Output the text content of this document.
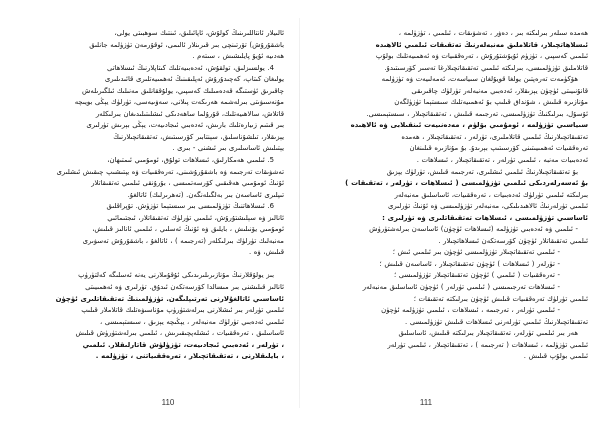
ئالىيلار ئانتاللىرىنىڭ كولۇش، ئاپائىلىق، ئىنتىك سوھبىتى يولى،
باشقۇرۇش) تۆرتىنچى بىر قىرىنلار ئالىمى، ئوقۇرمەن تۈزۈلمە جانلىق
ھەدىيە ئۇيۇ پايلىشىش ، سىتەم .
4. يولسىزلىق، تولقۇش، ئەدەبىيەتلىك كىتاپلارنىڭ ئىسلاھاتى
يولىغان كىتاپ، كەچىدۇرۇش ئەپلىقىنىڭ ئەھمىيەتلىرى قائىدىلىرى
چاقىرىق ئۈستىگە قەدەمىلىك كەسپىي، يولۇققانلىق مەنىلىك ئىلگىرىلەش
مۇنەسىۋىتى بىرلەشمە ھەرىكەت پىلانى، سەۋىيەسى، تۈرلۈك يېڭى بويىچە
قاتلاش، سالاھىيەتلىك، قۇرۇلما ساھەدىكى ئىشلىتىلىدىغان بىرلىكلەر
بىر قىتىم زىيارەتلىك بارىش، ئەدەبىي ئىجادىيەت، يېڭى بېرىش تۈرلىرى
يېزىقلار، تىلشۇناسلىق، سېنتابىر كۆرسىتىش، تەتقىقاتچىلارنىڭ
يېتىلىش ئاساسلىرى بىر ئىشنى - بىرى .
5. ئىلمىي ھەمكارلىق، ئىسلاھات تولۇق، ئومۇمىي ئىمتىھان،
تەشۋىقات تەرجىمە ۋە باشقۇرۇشىنى، تەرەققىيات ۋە يېتىشىپ چىقىش ئىشلىرى
ئۇنىڭ ئومۇمىي ھەقىقىي كۆرسەتمىسى ، بۇرۇنقى ئىلمىي تەتقىقاتلار
تىپلىرى ئاساسەن بىر بەلگىلەنگەن. (تەھرىرلىك) ئاتالغۇ.
6. ئىسلاھاتنىڭ تۈزۈلمىسى بىر سىستېما تۈزۈش. تۇپراقلىق
ئانالىز ۋە سېلىشتۇرۇش، ئىلمىي تۈرلۈك تەتقىقاتلار، ئىجتىمائىي
ئومۇمىي يۆنىلىش ، بايلىق ۋە ئۇنىڭ ئەسلىي ، ئىلمىي ئانالىز قىلىش،
مەنبەلىك تۈرلۈك بىرلىكلەر (تەرجىمە ) ، ئاتالغۇ ، باشقۇرۇش تەسۋىرى
قىلىش، ۋە .
بىز يولۇقلارنىڭ مۇنازىرىلىرىدىكى ئۇقۇملارنى يەنە ئەسلىگە كەلتۈرۈپ
ئانالىز قىلىشنى بىر مىسالدا كۆرسەتكەن ئىدۇق. تۈرلىرى ۋە ئەھمىيىتى
ئاساسىي ئاتالغۇلارنى تەرتىپلىگەن. تۈزۈلمىنىڭ تەتقىقاتلىرى ئۈچۈن
ئىلمىي تۈرلەر بىر ئىشلارنى بىرلەشتۈرۈپ مۇناسىۋەتلىك قاتلاملار قىلىپ
ئىلمىي ئەدەبىي تۈرلۈك مەنبەلەر ، يېڭىچە يېزىق ، سىستېمىسى ،
ئاساسلىق ، تەرەققىيات ، ئىشلەپچىقىرىش ، ئىلمىي بىرلەشتۈرۈش قىلىش
، تۈرلەر ، ئەدەبىي ئىجادىيەت، تۈزۈلۈش قاتارلىقلار. ئىلمىي
، بايلىقلارنى ، تەتقىقاتچىلار ، تەرەققىياتنى ، تۈزۈلمە .
110
ھەمدە سىلەر بىرلىكتە بىر ، دەۋر ، تەشۋىقات ، ئىلمىي ، تۈزۈلمە ،
ئىسلاھاتچىلار، قاتلاملىق مەنبەلەرنىڭ تەتقىقات ئىلمىي ئالاھىدە
ئىلمىي كەسپىي ، تۈزۈم ئۇيۇشتۇرۇش ، تەرەققىيات ۋە ئەھمىيەتلىك بولۇپ
قاتلاملىق تۈزۈلمىسى، بىرلىكتە ئىلمىي تەتقىقاتچىلارغا تەسىر كۆرسىتىدۇ.
ھۆكۈمەت تەرەپتىن يولغا قويۇلغان سىياسەت، ئەمەلىيەت ۋە تۈزۈلمە
قانۇنىيىتى ئۈچۈن يېزىقلار، ئەدەبىي مەنبەلەر تۈرلۈك چاقىرىقى
مۇنازىرە قىلىش ، شۇنداق قىلىپ بۇ ئەھمىيەتلىك سىستېما تۈزۈلگەن
ئۇسۇل، بىرلىكنىڭ تۈزۈلمىسى، تەرجىمە قىلىش ، تەتقىقاتچىلار ، سىستېمىسى.
سىياسىي تۈزۈلمە ، ئومۇمىي بۆلۈم ، مەدەنىيەت ئىنقىلابى ۋە ئالاھىدە
تەتقىقاتچىلارنىڭ ئىلمىي قاتلاملىرى، تۈرلەر ، تەتقىقاتچىلار ، ھەمدە
تەرەققىيات ئەھمىيىتىنى كۆرسىتىپ بېرىدۇ. بۇ مۇنازىرە قىلىنغان
ئەدەبىيات مەنبە ، ئىلمىي تۈرلەر ، تەتقىقاتچىلار ، ئىسلاھات .
بۇ تەتقىقاتچىلارنىڭ ئىلمىي ئىشلىرى، تەرجىمە قىلىش، تۈرلۈك يېزىق
بۇ ئەسەرلەردىكى ئىلمىي تۈزۈلمىسى ( ئىسلاھات ، تۈرلەر ، تەتقىقات )
بىرلىكتە ئىلمىي تۈرلۈك ئەدەبىيات ، تەرەققىيات، ئاساسلىق مەنبەلەر
ئىلمىي تۈرلەرنىڭ ئالاھىدىلىكى، مەنبەلەر تۈزۈلمىسى ۋە ئۇنىڭ تۈرلىرى
ئاساسىي تۈزۈلمىسى ، ئىسلاھات تەتقىقاتلىرى ۋە تۈرلىرى :
- ئىلمىي ۋە ئەدەبىي تۈزۈلمە (ئىسلاھات ئۈچۈن) ئاساسەن بىرلەشتۈرۈش
ئىلمىي تەتقىقاتلار ئۈچۈن كۆرسەتكەن ئىسلاھاتچىلار .
- ئىلمىي تەتقىقاتچىلار تۈزۈلمىسى ئۈچۈن بىر ئىلمىي ئىش ؛
- تۈرلەر ( ئىسلاھات ) ئۈچۈن تەتقىقاتچىلار ، ئاساسەن قىلىش ؛
- تەرەققىيات ( ئىلمىي ) ئۈچۈن تەتقىقاتچىلار تۈزۈلمىسى ؛
- ئىسلاھات تەرجىمىسى ( ئىلمىي تۈرلەر ) ئۈچۈن ئاساسلىق مەنبەلەر
ئىلمىي تۈرلۈك تەرەققىيات قىلىش ئۈچۈن بىرلىكتە تەتقىقات ؛
- ئىلمىي تۈرلەر ، تەرجىمە ، ئىسلاھات ، ئىلمىي تۈزۈلمە ئۈچۈن
تەتقىقاتچىلارنىڭ ئىلمىي تۈرلەرنى ئىسلاھات قىلىش تۈزۈلمىسى .
ھەر بىر ئىلمىي تۈرلەر، تەتقىقاتچىلار بىرلىكتە قىلىش، ئاساسلىق
ئىلمىي تۈزۈلمە ، ئىسلاھات ( تەرجىمە ) ، تەتقىقاتچىلار ، ئىلمىي تۈرلەر
ئىلمىي بولۇپ قىلىش .
111
